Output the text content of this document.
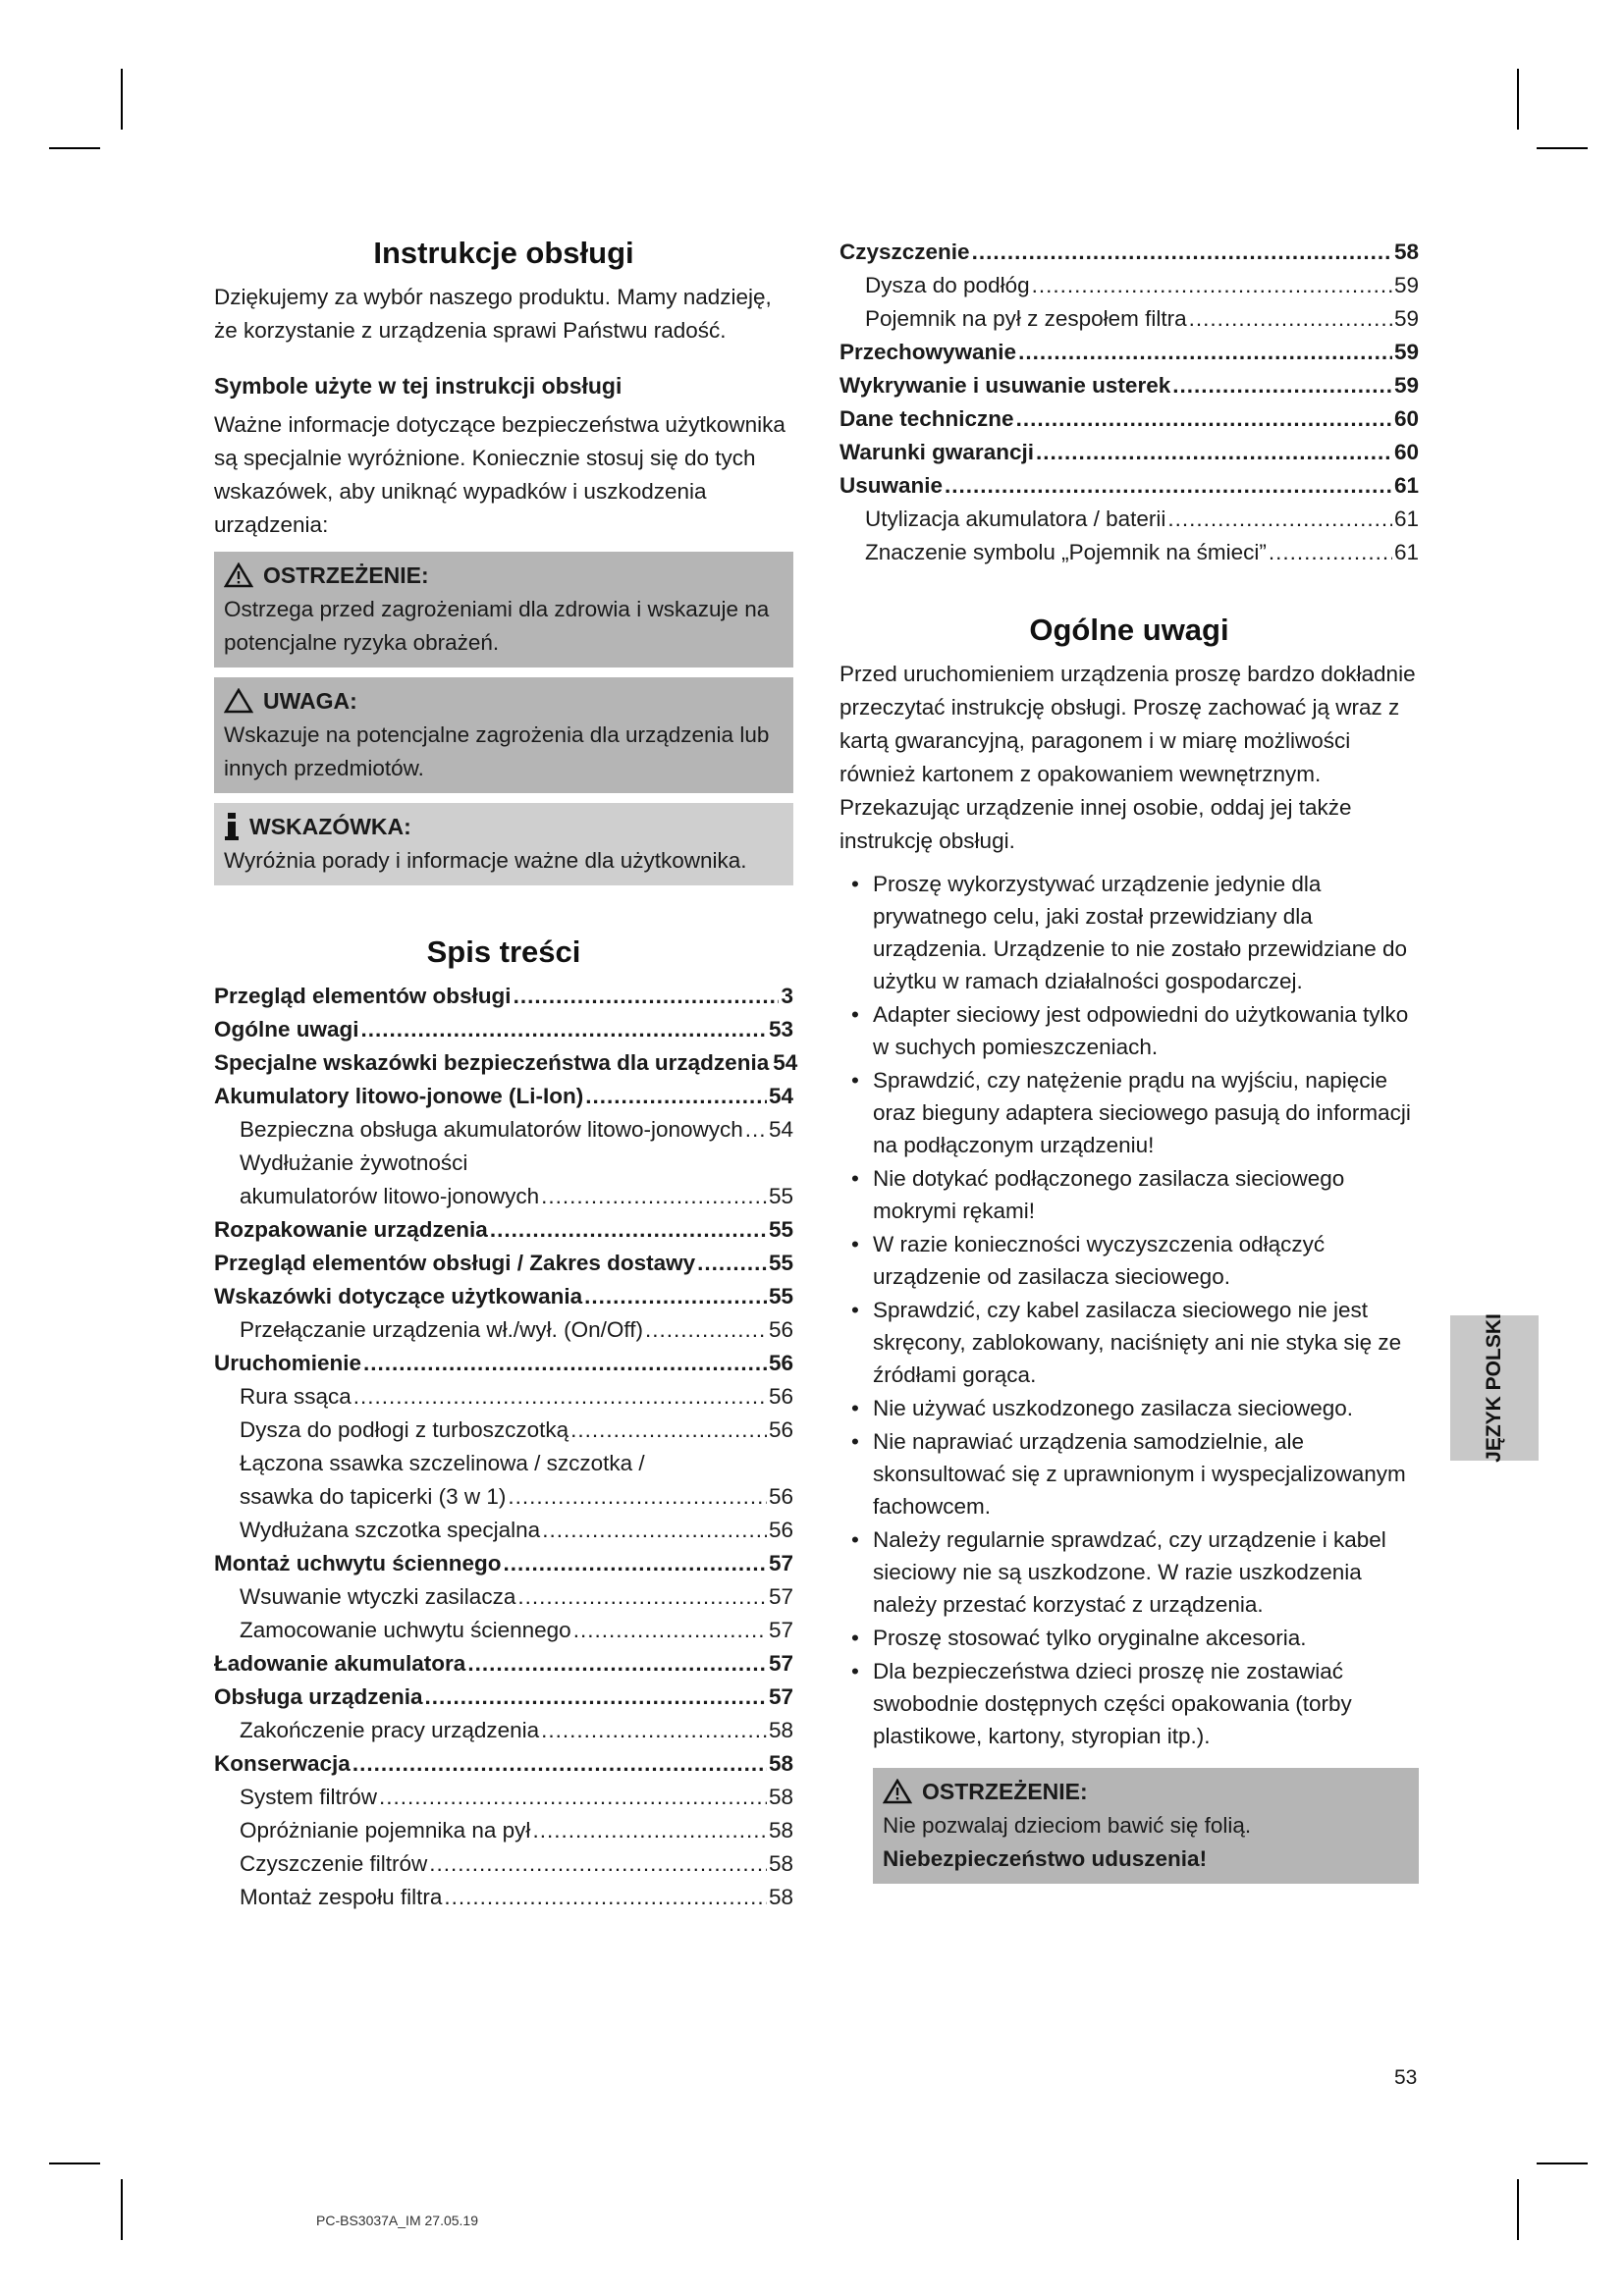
Instrukcje obsługi

Dziękujemy za wybór naszego produktu. Mamy nadzieję, że korzystanie z urządzenia sprawi Państwu radość.

Symbole użyte w tej instrukcji obsługi

Ważne informacje dotyczące bezpieczeństwa użytkownika są specjalnie wyróżnione. Koniecznie stosuj się do tych wskazówek, aby uniknąć wypadków i uszkodzenia urządzenia:

OSTRZEŻENIE:
Ostrzega przed zagrożeniami dla zdrowia i wskazuje na potencjalne ryzyka obrażeń.
UWAGA:
Wskazuje na potencjalne zagrożenia dla urządzenia lub innych przedmiotów.
WSKAZÓWKA:
Wyróżnia porady i informacje ważne dla użytkownika.
Spis treści
Przegląd elementów obsługi .....	3
Ogólne uwagi .....	53
Specjalne wskazówki bezpieczeństwa dla urządzenia 54
Akumulatory litowo-jonowe (Li-Ion) .....	54
Bezpieczna obsługa akumulatorów litowo-jonowych ..... 54
Wydłużanie żywotności
akumulatorów litowo-jonowych .....	55
Rozpakowanie urządzenia .....	55
Przegląd elementów obsługi / Zakres dostawy .....	55
Wskazówki dotyczące użytkowania .....	55
Przełączanie urządzenia wł./wył. (On/Off) .....	56
Uruchomienie .....	56
Rura ssąca .....	56
Dysza do podłogi z turboszczotką .....	56
Łączona ssawka szczelinowa / szczotka /
ssawka do tapicerki (3 w 1) .....	56
Wydłużana szczotka specjalna .....	56
Montaż uchwytu ściennego .....	57
Wsuwanie wtyczki zasilacza .....	57
Zamocowanie uchwytu ściennego .....	57
Ładowanie akumulatora .....	57
Obsługa urządzenia .....	57
Zakończenie pracy urządzenia .....	58
Konserwacja .....	58
System filtrów .....	58
Opróżnianie pojemnika na pył .....	58
Czyszczenie filtrów .....	58
Montaż zespołu filtra .....	58
Czyszczenie .....	58
Dysza do podłóg .....	59
Pojemnik na pył z zespołem filtra .....	59
Przechowywanie .....	59
Wykrywanie i usuwanie usterek .....	59
Dane techniczne .....	60
Warunki gwarancji .....	60
Usuwanie .....	61
Utylizacja akumulatora / baterii .....	61
Znaczenie symbolu „Pojemnik na śmieci” .....	61
Ogólne uwagi

Przed uruchomieniem urządzenia proszę bardzo dokładnie przeczytać instrukcję obsługi. Proszę zachować ją wraz z kartą gwarancyjną, paragonem i w miarę możliwości również kartonem z opakowaniem wewnętrznym. Przekazując urządzenie innej osobie, oddaj jej także instrukcję obsługi.

• Proszę wykorzystywać urządzenie jedynie dla prywatnego celu, jaki został przewidziany dla urządzenia. Urządzenie to nie zostało przewidziane do użytku w ramach działalności gospodarczej.
• Adapter sieciowy jest odpowiedni do użytkowania tylko w suchych pomieszczeniach.
• Sprawdzić, czy natężenie prądu na wyjściu, napięcie oraz bieguny adaptera sieciowego pasują do informacji na podłączonym urządzeniu!
• Nie dotykać podłączonego zasilacza sieciowego mokrymi rękami!
• W razie konieczności wyczyszczenia odłączyć urządzenie od zasilacza sieciowego.
• Sprawdzić, czy kabel zasilacza sieciowego nie jest skręcony, zablokowany, naciśnięty ani nie styka się ze źródłami gorąca.
• Nie używać uszkodzonego zasilacza sieciowego.
• Nie naprawiać urządzenia samodzielnie, ale skonsultować się z uprawnionym i wyspecjalizowanym fachowcem.
• Należy regularnie sprawdzać, czy urządzenie i kabel sieciowy nie są uszkodzone. W razie uszkodzenia należy przestać korzystać z urządzenia.
• Proszę stosować tylko oryginalne akcesoria.
• Dla bezpieczeństwa dzieci proszę nie zostawiać swobodnie dostępnych części opakowania (torby plastikowe, kartony, styropian itp.).
OSTRZEŻENIE:
Nie pozwalaj dzieciom bawić się folią. Niebezpieczeństwo uduszenia!
JĘZYK POLSKI
53
PC-BS3037A_IM 27.05.19
